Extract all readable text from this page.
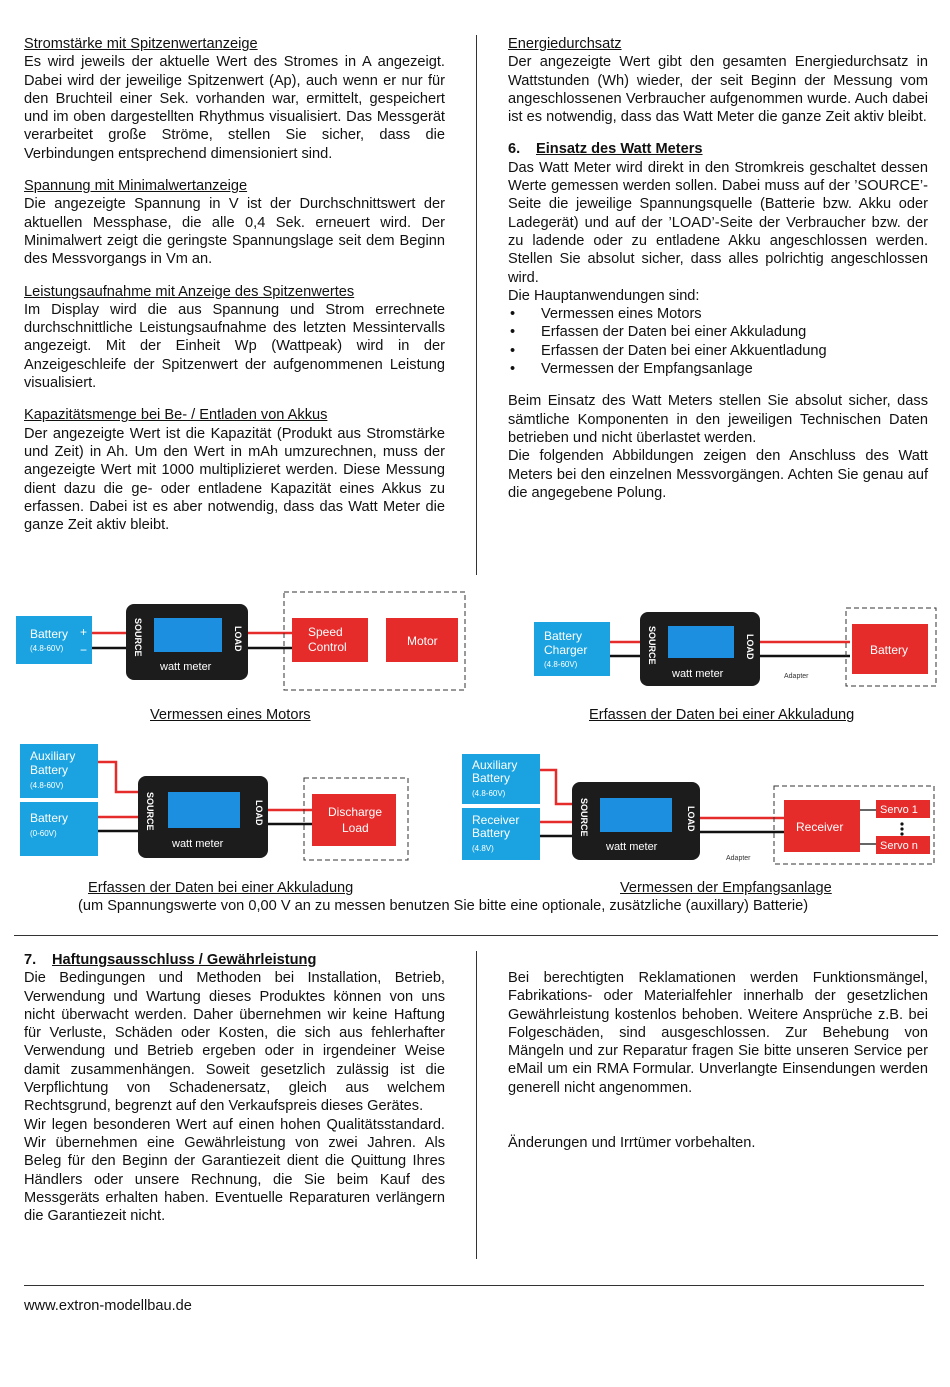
Stromstärke mit Spitzenwertanzeige

Es wird jeweils der aktuelle Wert des Stromes in A angezeigt. Dabei wird der jeweilige Spitzenwert (Ap), auch wenn er nur für den Bruchteil einer Sek. vorhanden war, ermittelt, gespeichert und im oben dargestellten Rhythmus visualisiert. Das Messgerät verarbeitet große Ströme, stellen Sie sicher, dass die Verbindungen entsprechend dimensioniert sind.

Spannung mit Minimalwertanzeige

Die angezeigte Spannung in V ist der Durchschnittswert der aktuellen Messphase, die alle 0,4 Sek. erneuert wird. Der Minimalwert zeigt die geringste Spannungslage seit dem Beginn des Messvorgangs in Vm an.

Leistungsaufnahme mit Anzeige des Spitzenwertes

Im Display wird die aus Spannung und Strom errechnete durchschnittliche Leistungsaufnahme des letzten Messintervalls angezeigt. Mit der Einheit Wp (Wattpeak) wird in der Anzeigeschleife der Spitzenwert der aufgenommenen Leistung visualisiert.

Kapazitätsmenge bei Be- / Entladen von Akkus

Der angezeigte Wert ist die Kapazität (Produkt aus Stromstärke und Zeit) in Ah. Um den Wert in mAh umzurechnen, muss der angezeigte Wert mit 1000 multiplizieret werden. Diese Messung dient dazu die ge- oder entladene Kapazität eines Akkus zu erfassen. Dabei ist es aber notwendig, dass das Watt Meter die ganze Zeit aktiv bleibt.

Energiedurchsatz

Der angezeigte Wert gibt den gesamten Energiedurchsatz in Wattstunden (Wh) wieder, der seit Beginn der Messung vom angeschlossenen Verbraucher aufgenommen wurde. Auch dabei ist es notwendig, dass das Watt Meter die ganze Zeit aktiv bleibt.

6. Einsatz des Watt Meters

Das Watt Meter wird direkt in den Stromkreis geschaltet dessen Werte gemessen werden sollen. Dabei muss auf der ’SOURCE’-Seite die jeweilige Spannungsquelle (Batterie bzw. Akku oder Ladegerät) und auf der ’LOAD’-Seite der Verbraucher bzw. der zu ladende oder zu entladene Akku angeschlossen werden. Stellen Sie absolut sicher, dass alles polrichtig angeschlossen wird.

Die Hauptanwendungen sind:

• Vermessen eines Motors
• Erfassen der Daten bei einer Akkuladung
• Erfassen der Daten bei einer Akkuentladung
• Vermessen der Empfangsanlage

Beim Einsatz des Watt Meters stellen Sie absolut sicher, dass sämtliche Komponenten in den jeweiligen Technischen Daten betrieben und nicht überlastet werden.

Die folgenden Abbildungen zeigen den Anschluss des Watt Meters bei den einzelnen Messvorgängen. Achten Sie genau auf die angegebene Polung.

Battery
(4.8-60V)
+
−	SOURCE	LOAD
watt meter
Speed
Control	Motor
Vermessen eines Motors
Battery
Charger
(4.8-60V)	SOURCE	LOAD
watt meter	Adapter
Battery
Erfassen der Daten bei einer Akkuladung
Auxiliary
Battery
(4.8-60V)
Battery
(0-60V)
SOURCE	LOAD
watt meter
Discharge
Load
Erfassen der Daten bei einer Akkuladung
Auxiliary
Battery
(4.8-60V)
Receiver
Battery
(4.8V)
SOURCE	LOAD
watt meter
Adapter
Receiver
Servo 1
Servo n
Vermessen der Empfangsanlage
(um Spannungswerte von 0,00 V an zu messen benutzen Sie bitte eine optionale, zusätzliche (auxillary) Batterie)

7. Haftungsausschluss / Gewährleistung

Die Bedingungen und Methoden bei Installation, Betrieb, Verwendung und Wartung dieses Produktes können von uns nicht überwacht werden. Daher übernehmen wir keine Haftung für Verluste, Schäden oder Kosten, die sich aus fehlerhafter Verwendung und Betrieb ergeben oder in irgendeiner Weise damit zusammenhängen. Soweit gesetzlich zulässig ist die Verpflichtung von Schadenersatz, gleich aus welchem Rechtsgrund, begrenzt auf den Verkaufspreis dieses Gerätes.

Wir legen besonderen Wert auf einen hohen Qualitätsstandard. Wir übernehmen eine Gewährleistung von zwei Jahren. Als Beleg für den Beginn der Garantiezeit dient die Quittung Ihres Händlers oder unsere Rechnung, die Sie beim Kauf des Messgeräts erhalten haben. Eventuelle Reparaturen verlängern die Garantiezeit nicht.

Bei berechtigten Reklamationen werden Funktionsmängel, Fabrikations- oder Materialfehler innerhalb der gesetzlichen Gewährleistung kostenlos behoben. Weitere Ansprüche z.B. bei Folgeschäden, sind ausgeschlossen. Zur Behebung von Mängeln und zur Reparatur fragen Sie bitte unseren Service per eMail um ein RMA Formular. Unverlangte Einsendungen werden generell nicht angenommen.

Änderungen und Irrtümer vorbehalten.

www.extron-modellbau.de
